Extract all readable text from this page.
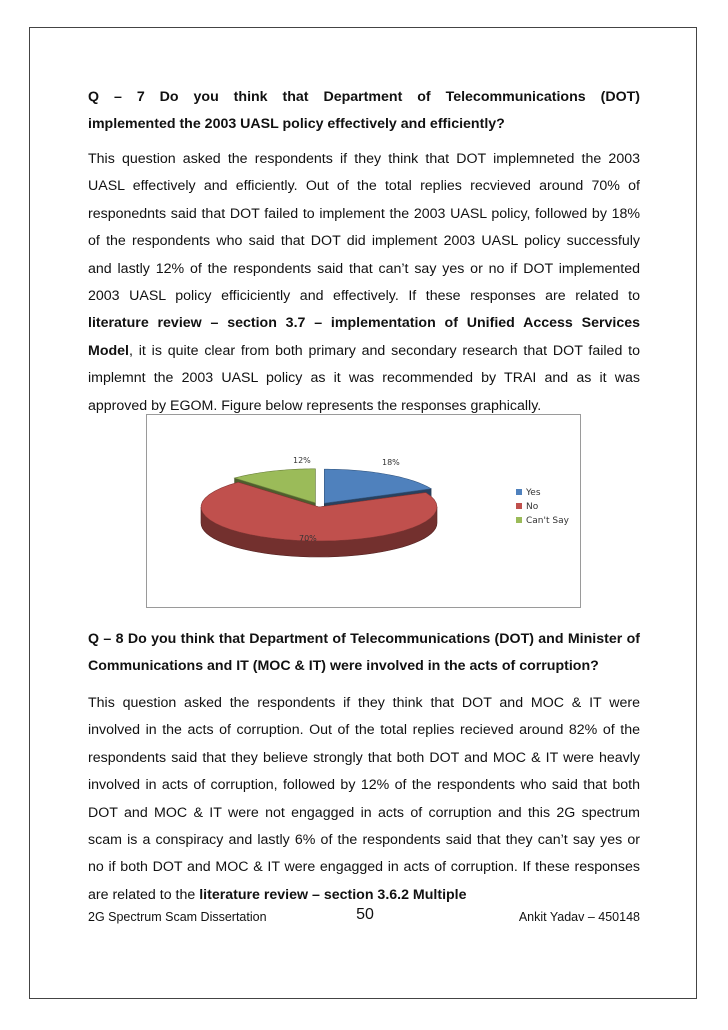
Q – 7 Do you think that Department of Telecommunications (DOT)
implemented the 2003 UASL policy effectively and efficiently?

This question asked the respondents if they think that DOT implemneted the 2003 UASL effectively and efficiently. Out of the total replies recvieved around 70% of responednts said that DOT failed to implement the 2003 UASL policy, followed by 18% of the respondents who said that DOT did implement 2003 UASL policy successfuly and lastly 12% of the respondents said that can’t say yes or no if DOT implemented 2003 UASL policy efficiciently and effectively. If these responses are related to literature review – section 3.7 – implementation of Unified Access Services Model, it is quite clear from both primary and secondary research that DOT failed to implemnt the 2003 UASL policy as it was recommended by TRAI and as it was approved by EGOM. Figure below represents the responses graphically.

18%
70%
12%
Yes
No
Can't Say
Q – 8 Do you think that Department of Telecommunications (DOT) and Minister of Communications and IT (MOC & IT) were involved in the acts of corruption?

This question asked the respondents if they think that DOT and MOC & IT were involved in the acts of corruption. Out of the total replies recieved around 82% of the respondents said that they believe strongly that both DOT and MOC & IT were heavly involved in acts of corruption, followed by 12% of the respondents who said that both DOT and MOC & IT were not engagged in acts of corruption and this 2G spectrum scam is a conspiracy and lastly 6% of the respondents said that they can’t say yes or no if both DOT and MOC & IT were engagged in acts of corruption. If these responses are related to the literature review – section 3.6.2 Multiple

2G Spectrum Scam Dissertation	50	Ankit Yadav – 450148
